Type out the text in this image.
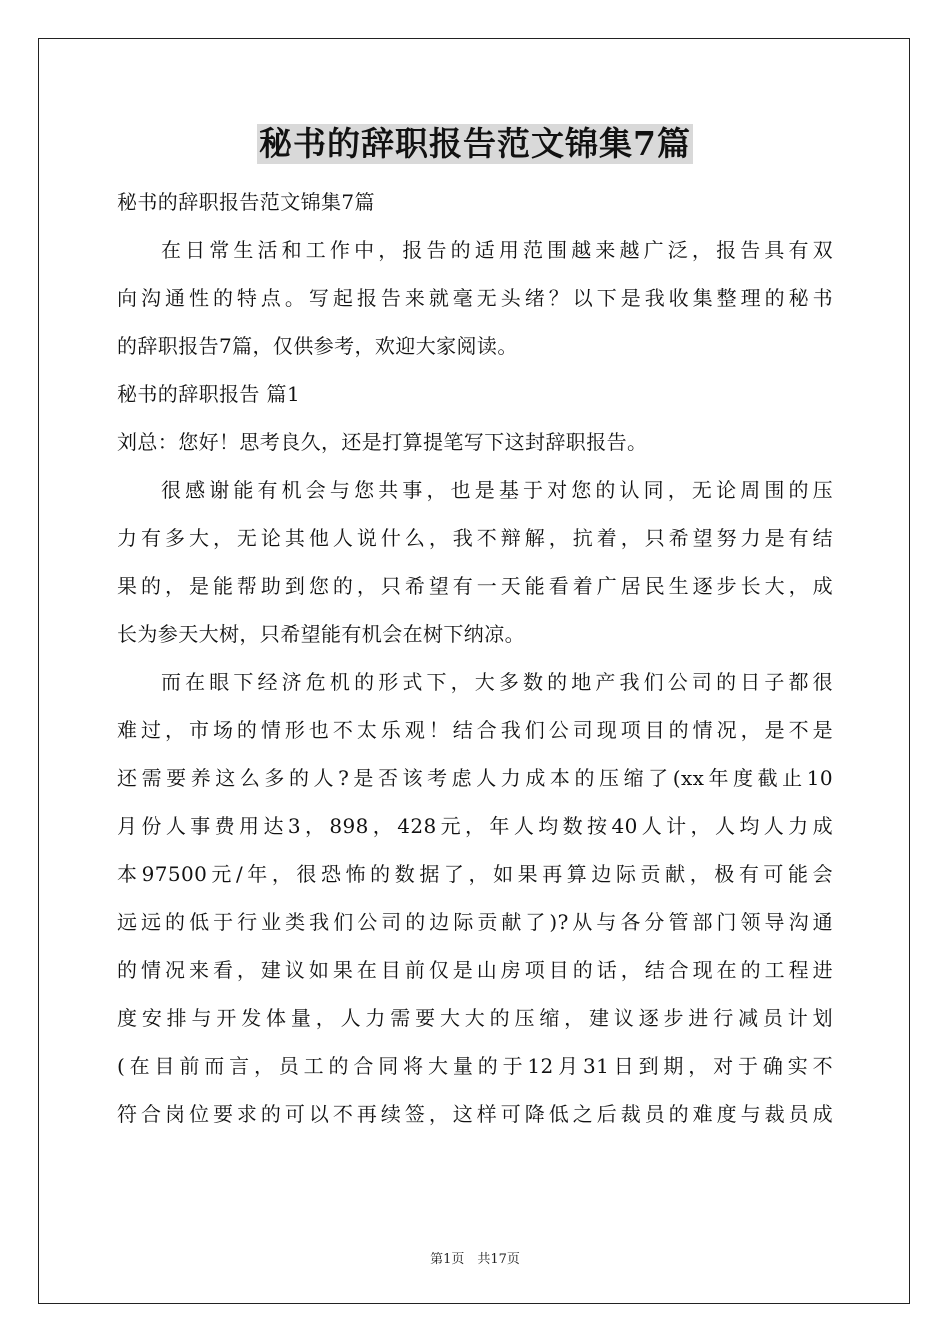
秘书的辞职报告范文锦集7篇
秘书的辞职报告范文锦集7篇
在日常生活和工作中，报告的适用范围越来越广泛，报告具有双
向沟通性的特点。写起报告来就毫无头绪？以下是我收集整理的秘书
的辞职报告7篇，仅供参考，欢迎大家阅读。
秘书的辞职报告 篇1
刘总：您好！思考良久，还是打算提笔写下这封辞职报告。
很感谢能有机会与您共事，也是基于对您的认同，无论周围的压
力有多大，无论其他人说什么，我不辩解，抗着，只希望努力是有结
果的，是能帮助到您的，只希望有一天能看着广居民生逐步长大，成
长为参天大树，只希望能有机会在树下纳凉。
而在眼下经济危机的形式下，大多数的地产我们公司的日子都很
难过，市场的情形也不太乐观！结合我们公司现项目的情况，是不是
还需要养这么多的人?是否该考虑人力成本的压缩了(xx年度截止10
月份人事费用达3，898，428元，年人均数按40人计，人均人力成
本97500元/年，很恐怖的数据了，如果再算边际贡献，极有可能会
远远的低于行业类我们公司的边际贡献了)?从与各分管部门领导沟通
的情况来看，建议如果在目前仅是山房项目的话，结合现在的工程进
度安排与开发体量，人力需要大大的压缩，建议逐步进行减员计划
(在目前而言，员工的合同将大量的于12月31日到期，对于确实不
符合岗位要求的可以不再续签，这样可降低之后裁员的难度与裁员成
第1页　共17页
